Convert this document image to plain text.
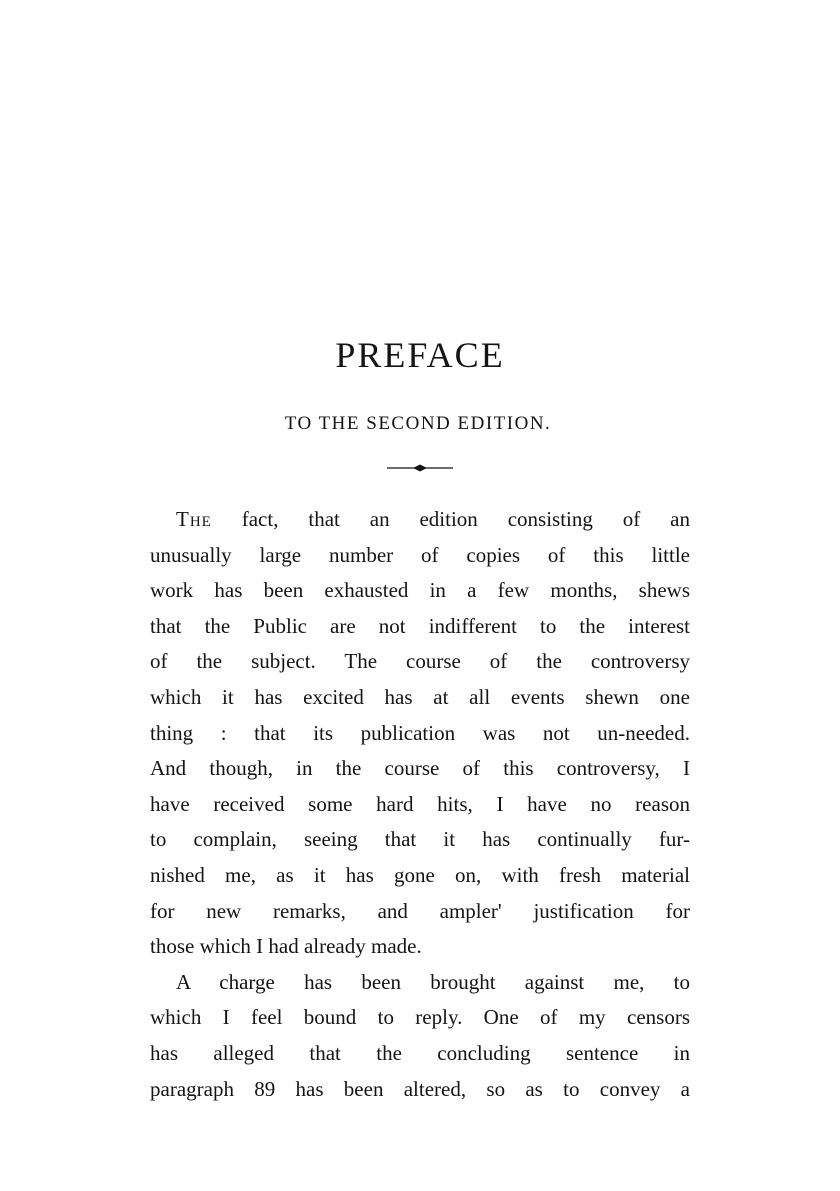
PREFACE
TO THE SECOND EDITION.

The fact, that an edition consisting of an
unusually large number of copies of this little
work has been exhausted in a few months, shews
that the Public are not indifferent to the interest
of the subject. The course of the controversy
which it has excited has at all events shewn one
thing : that its publication was not un-needed.
And though, in the course of this controversy, I
have received some hard hits, I have no reason
to complain, seeing that it has continually fur-
nished me, as it has gone on, with fresh material
for new remarks, and ampler' justification for
those which I had already made.

A charge has been brought against me, to
which I feel bound to reply. One of my censors
has alleged that the concluding sentence in
paragraph 89 has been altered, so as to convey a
